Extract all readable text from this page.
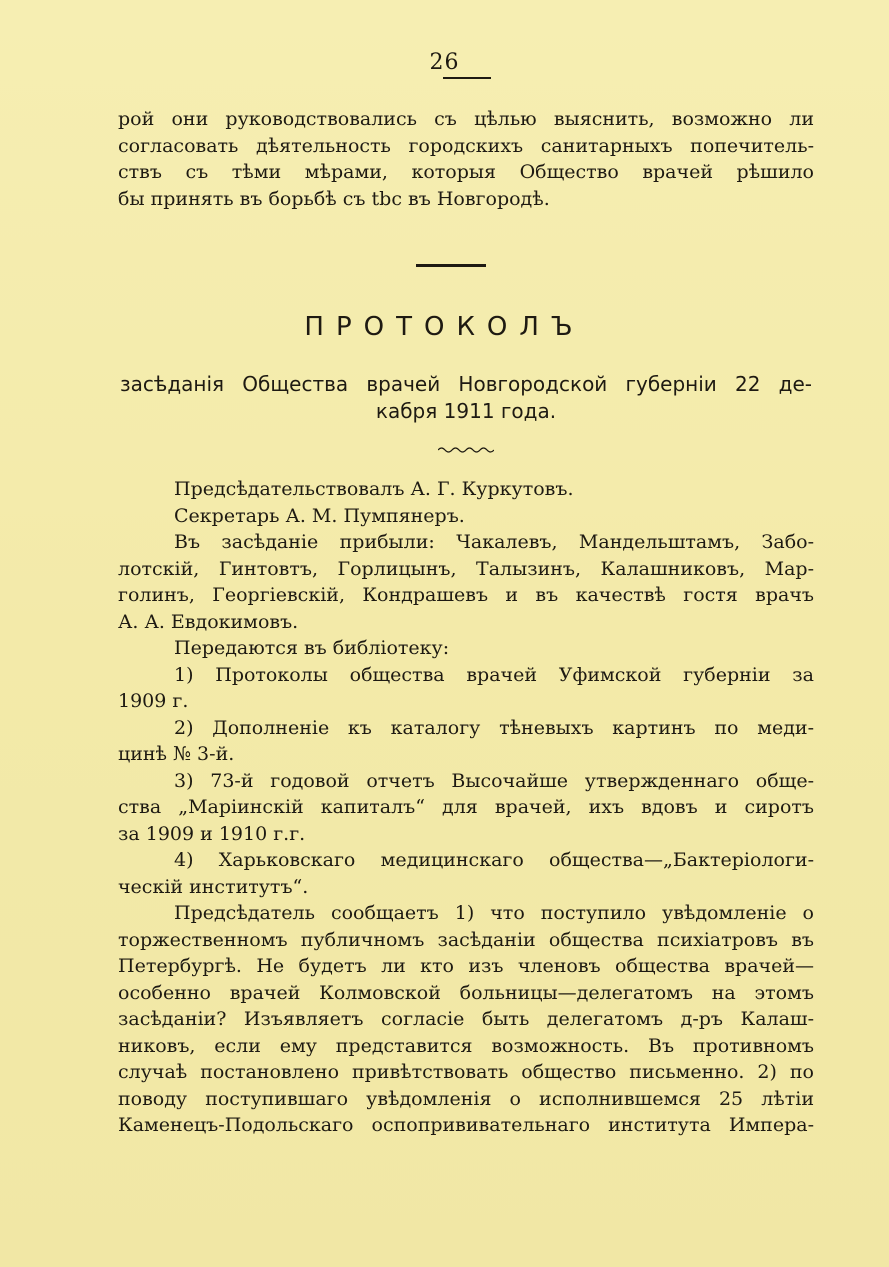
26
рой они руководствовались съ цѣлью выяснить, возможно ли
согласовать дѣятельность городскихъ санитарныхъ попечитель-
ствъ съ тѣми мѣрами, которыя Общество врачей рѣшило
бы принять въ борьбѣ съ tbc въ Новгородѣ.
ПРОТОКОЛЪ
засѣданія Общества врачей Новгородской губерніи 22 де-
кабря 1911 года.
Предсѣдательствовалъ А. Г. Куркутовъ.
Секретарь А. М. Пумпянеръ.
Въ засѣданіе прибыли: Чакалевъ, Мандельштамъ, Забо-
лотскій, Гинтовтъ, Горлицынъ, Талызинъ, Калашниковъ, Мар-
голинъ, Георгіевскій, Кондрашевъ и въ качествѣ гостя врачъ
А. А. Евдокимовъ.
Передаются въ библіотеку:
1) Протоколы общества врачей Уфимской губерніи за
1909 г.
2) Дополненіе къ каталогу тѣневыхъ картинъ по меди-
цинѣ № 3-й.
3) 73-й годовой отчетъ Высочайше утвержденнаго обще-
ства „Маріинскій капиталъ“ для врачей, ихъ вдовъ и сиротъ
за 1909 и 1910 г.г.
4) Харьковскаго медицинскаго общества—„Бактеріологи-
ческій институтъ“.
Предсѣдатель сообщаетъ 1) что поступило увѣдомленіе о
торжественномъ публичномъ засѣданіи общества психіатровъ въ
Петербургѣ. Не будетъ ли кто изъ членовъ общества врачей—
особенно врачей Колмовской больницы—делегатомъ на этомъ
засѣданіи? Изъявляетъ согласіе быть делегатомъ д-ръ Калаш-
никовъ, если ему представится возможность. Въ противномъ
случаѣ постановлено привѣтствовать общество письменно. 2) по
поводу поступившаго увѣдомленія о исполнившемся 25 лѣтіи
Каменецъ-Подольскаго оспопрививательнаго института Импера-
